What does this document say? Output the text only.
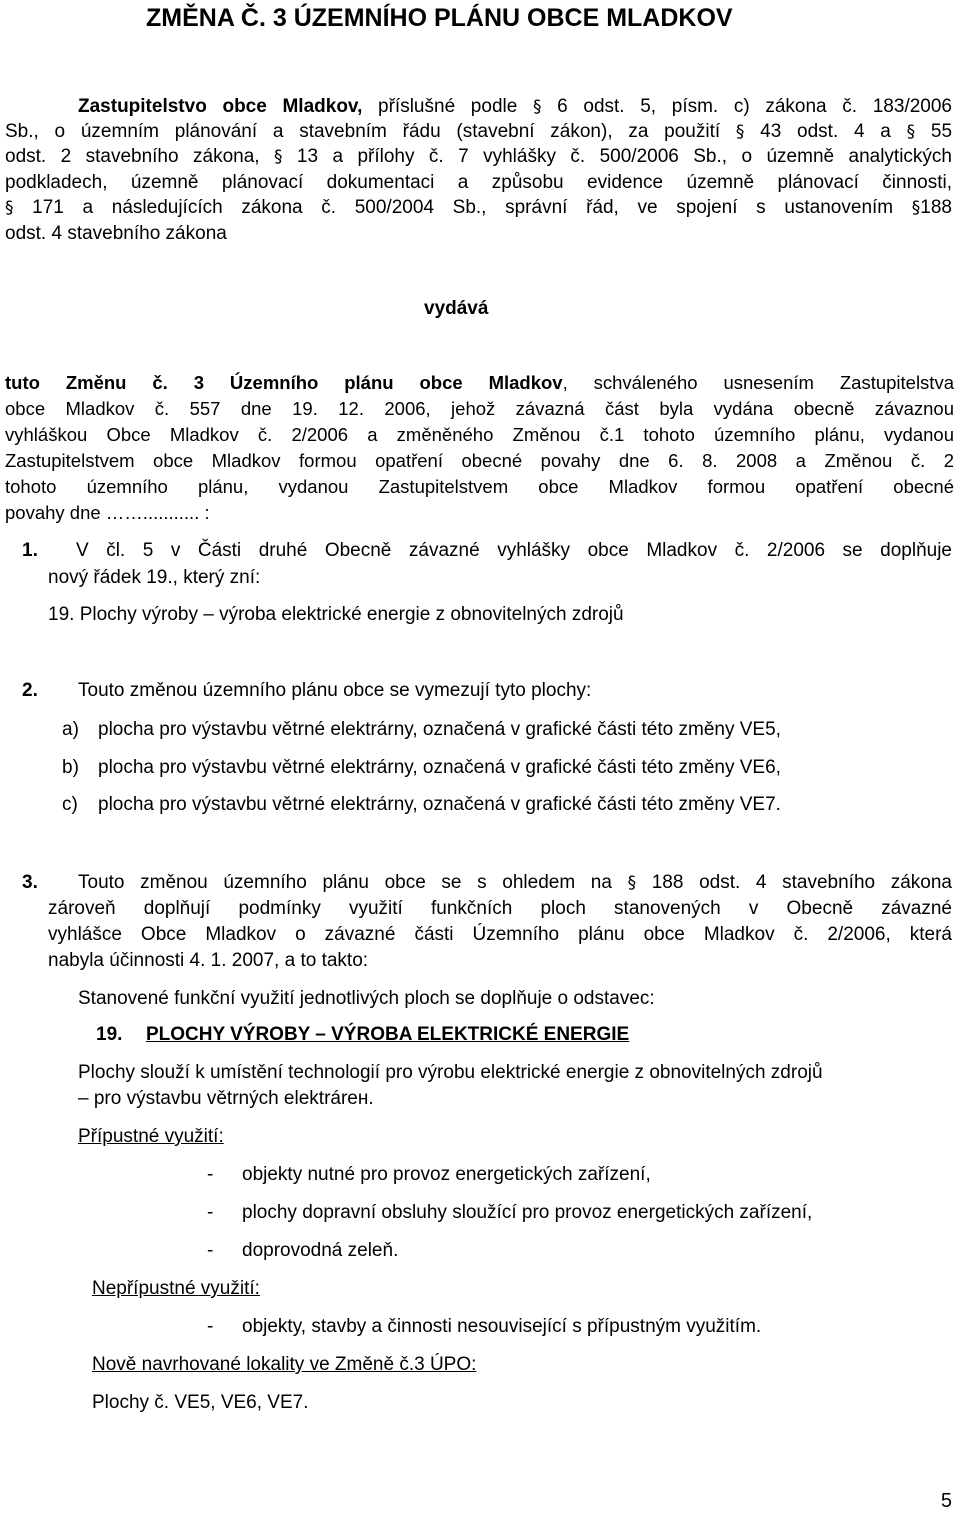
ZMĚNA Č. 3 ÚZEMNÍHO PLÁNU OBCE MLADKOV
Zastupitelstvo obce Mladkov, příslušné podle § 6 odst. 5, písm. c) zákona č. 183/2006
Sb., o územním plánování a stavebním řádu (stavební zákon), za použití § 43 odst. 4 a § 55
odst. 2 stavebního zákona, § 13 a přílohy č. 7 vyhlášky č. 500/2006 Sb., o územně analytických
podkladech, územně plánovací dokumentaci a způsobu evidence územně plánovací činnosti,
§ 171 a následujících zákona č. 500/2004 Sb., správní řád, ve spojení s ustanovením §188
odst. 4 stavebního zákona
vydává
tuto Změnu č. 3 Územního plánu obce Mladkov, schváleného usnesením Zastupitelstva
obce Mladkov č. 557 dne 19. 12. 2006, jehož závazná část byla vydána obecně závaznou
vyhláškou Obce Mladkov č. 2/2006 a změněného Změnou č.1 tohoto územního plánu, vydanou
Zastupitelstvem obce Mladkov formou opatření obecné povahy dne 6. 8. 2008 a Změnou č. 2
tohoto územního plánu, vydanou Zastupitelstvem obce Mladkov formou opatření obecné
povahy dne ……........... :
1. V čl. 5 v Části druhé Obecně závazné vyhlášky obce Mladkov č. 2/2006 se doplňuje
nový řádek 19., který zní:
19. Plochy výroby – výroba elektrické energie z obnovitelných zdrojů
2. Touto změnou územního plánu obce se vymezují tyto plochy:
a) plocha pro výstavbu větrné elektrárny, označená v grafické části této změny VE5,
b) plocha pro výstavbu větrné elektrárny, označená v grafické části této změny VE6,
c) plocha pro výstavbu větrné elektrárny, označená v grafické části této změny VE7.
3. Touto změnou územního plánu obce se s ohledem na § 188 odst. 4 stavebního zákona
zároveň doplňují podmínky využití funkčních ploch stanovených v Obecně závazné
vyhlášce Obce Mladkov o závazné části Územního plánu obce Mladkov č. 2/2006, která
nabyla účinnosti 4. 1. 2007, a to takto:
Stanovené funkční využití jednotlivých ploch se doplňuje o odstavec:
19. PLOCHY VÝROBY – VÝROBA ELEKTRICKÉ ENERGIE
Plochy slouží k umístění technologií pro výrobu elektrické energie z obnovitelných zdrojů
– pro výstavbu větrných elektrárен.
Přípustné využití:
- objekty nutné pro provoz energetických zařízení,
- plochy dopravní obsluhy sloužící pro provoz energetických zařízení,
- doprovodná zeleň.
Nepřípustné využití:
- objekty, stavby a činnosti nesouvisející s přípustným využitím.
Nově navrhované lokality ve Změně č.3 ÚPO:
Plochy č. VE5, VE6, VE7.
5
